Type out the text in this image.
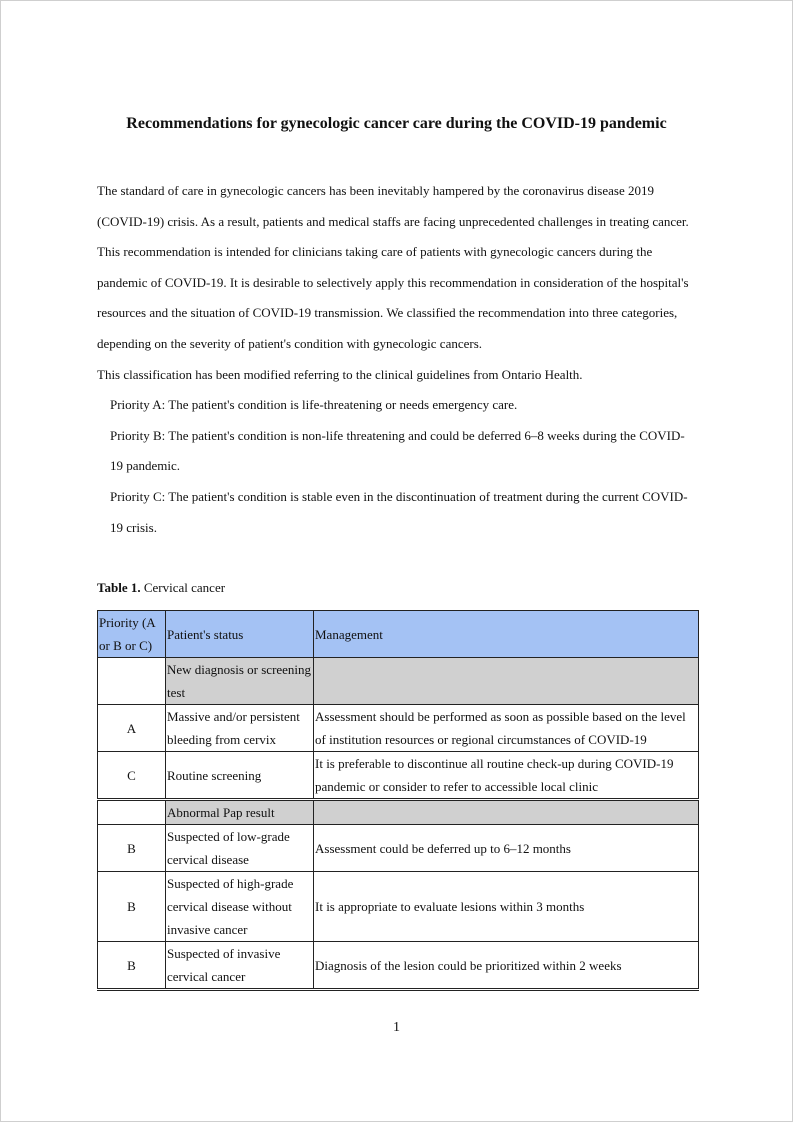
Recommendations for gynecologic cancer care during the COVID-19 pandemic

The standard of care in gynecologic cancers has been inevitably hampered by the coronavirus disease 2019 (COVID-19) crisis. As a result, patients and medical staffs are facing unprecedented challenges in treating cancer. This recommendation is intended for clinicians taking care of patients with gynecologic cancers during the pandemic of COVID-19. It is desirable to selectively apply this recommendation in consideration of the hospital's resources and the situation of COVID-19 transmission. We classified the recommendation into three categories, depending on the severity of patient's condition with gynecologic cancers.

This classification has been modified referring to the clinical guidelines from Ontario Health.

Priority A: The patient's condition is life-threatening or needs emergency care.

Priority B: The patient's condition is non-life threatening and could be deferred 6–8 weeks during the COVID-19 pandemic.

Priority C: The patient's condition is stable even in the discontinuation of treatment during the current COVID-19 crisis.

Table 1. Cervical cancer
Priority (A or B or C)	Patient's status	Management
	New diagnosis or screening test	
A	Massive and/or persistent bleeding from cervix	Assessment should be performed as soon as possible based on the level of institution resources or regional circumstances of COVID-19
C	Routine screening	It is preferable to discontinue all routine check-up during COVID-19 pandemic or consider to refer to accessible local clinic
	Abnormal Pap result	
B	Suspected of low-grade cervical disease	Assessment could be deferred up to 6–12 months
B	Suspected of high-grade cervical disease without invasive cancer	It is appropriate to evaluate lesions within 3 months
B	Suspected of invasive cervical cancer	Diagnosis of the lesion could be prioritized within 2 weeks
1
